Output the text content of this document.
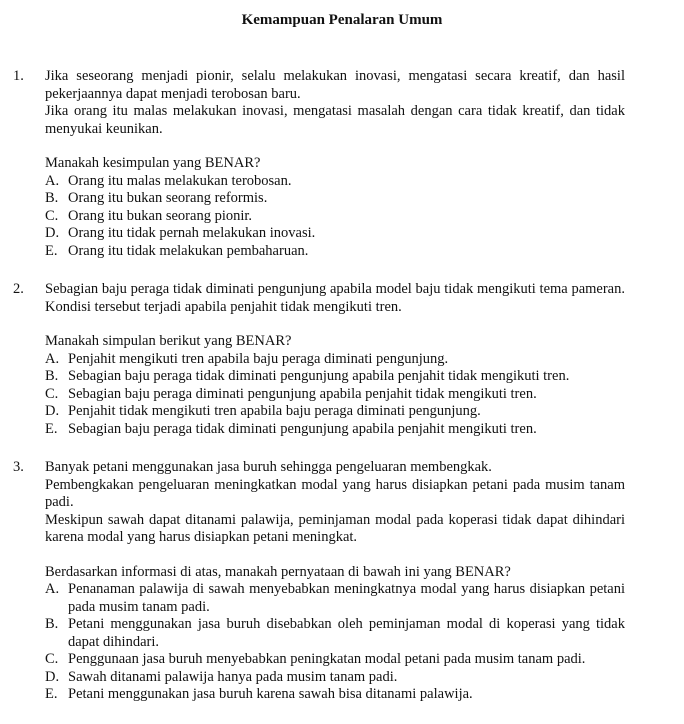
Kemampuan Penalaran Umum
1. Jika seseorang menjadi pionir, selalu melakukan inovasi, mengatasi secara kreatif, dan hasil pekerjaannya dapat menjadi terobosan baru.

Jika orang itu malas melakukan inovasi, mengatasi masalah dengan cara tidak kreatif, dan tidak menyukai keunikan.

Manakah kesimpulan yang BENAR?

A. Orang itu malas melakukan terobosan.
B. Orang itu bukan seorang reformis.
C. Orang itu bukan seorang pionir.
D. Orang itu tidak pernah melakukan inovasi.
E. Orang itu tidak melakukan pembaharuan.
2. Sebagian baju peraga tidak diminati pengunjung apabila model baju tidak mengikuti tema pameran. Kondisi tersebut terjadi apabila penjahit tidak mengikuti tren.

Manakah simpulan berikut yang BENAR?

A. Penjahit mengikuti tren apabila baju peraga diminati pengunjung.
B. Sebagian baju peraga tidak diminati pengunjung apabila penjahit tidak mengikuti tren.
C. Sebagian baju peraga diminati pengunjung apabila penjahit tidak mengikuti tren.
D. Penjahit tidak mengikuti tren apabila baju peraga diminati pengunjung.
E. Sebagian baju peraga tidak diminati pengunjung apabila penjahit mengikuti tren.
3. Banyak petani menggunakan jasa buruh sehingga pengeluaran membengkak.

Pembengkakan pengeluaran meningkatkan modal yang harus disiapkan petani pada musim tanam padi.

Meskipun sawah dapat ditanami palawija, peminjaman modal pada koperasi tidak dapat dihindari karena modal yang harus disiapkan petani meningkat.

Berdasarkan informasi di atas, manakah pernyataan di bawah ini yang BENAR?

A. Penanaman palawija di sawah menyebabkan meningkatnya modal yang harus disiapkan petani pada musim tanam padi.
B. Petani menggunakan jasa buruh disebabkan oleh peminjaman modal di koperasi yang tidak dapat dihindari.
C. Penggunaan jasa buruh menyebabkan peningkatan modal petani pada musim tanam padi.
D. Sawah ditanami palawija hanya pada musim tanam padi.
E. Petani menggunakan jasa buruh karena sawah bisa ditanami palawija.
